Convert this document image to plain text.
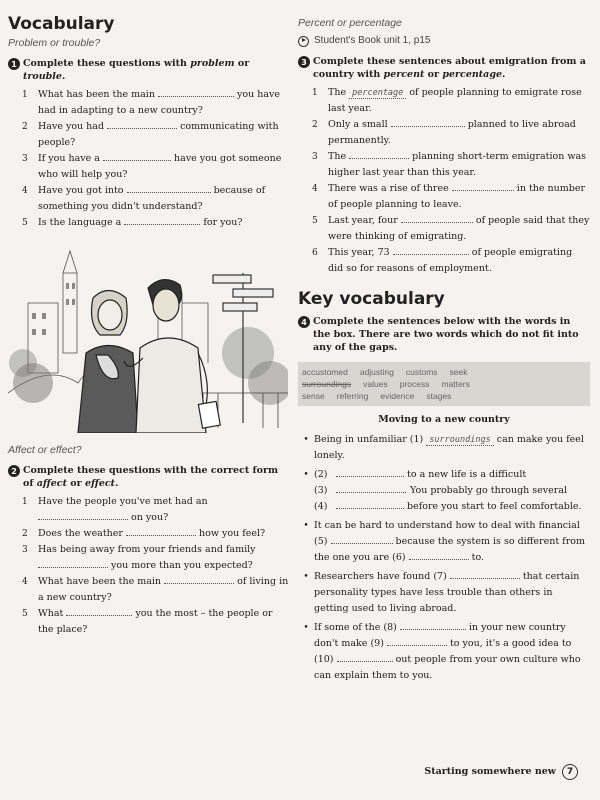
Vocabulary
Problem or trouble?
1 Complete these questions with problem or trouble.
1	What has been the main	you have had in adapting to a new country?
2	Have you had	communicating with people?
3	If you have a	have you got someone who will help you?
4	Have you got into	because of something you didn't understand?
5	Is the language a	for you?
Affect or effect?
2 Complete these questions with the correct form of affect or effect.
1	Have the people you've met had an  on you?
2	Does the weather	how you feel?
3	Has being away from your friends and family  you more than you expected?
4	What have been the main	of living in a new country?
5	What	you the most – the people or the place?
Percent or percentage
Student's Book unit 1, p15
3 Complete these sentences about emigration from a country with percent or percentage.
1	The percentage of people planning to emigrate rose last year.
2	Only a small	planned to live abroad permanently.
3	The	planning short-term emigration was higher last year than this year.
4	There was a rise of three	in the number of people planning to leave.
5	Last year, four	of people said that they were thinking of emigrating.
6	This year, 73	of people emigrating did so for reasons of employment.
Key vocabulary
4 Complete the sentences below with the words in the box. There are two words which do not fit into any of the gaps.
accustomed adjusting customs seek
surroundings values process matters
sense referring evidence stages
Moving to a new country
• Being in unfamiliar (1) surroundings can make you feel lonely.
• (2)
	to a new life is a difficult
(3)	. You probably go through several
(4)
	before you start to feel comfortable.
• It can be hard to understand how to deal with financial (5)	because the system is so different from the one you are (6)	to.
• Researchers have found (7)	that certain personality types have less trouble than others in getting used to living abroad.
• If some of the (8)	in your new country don't make (9)	to you, it's a good idea to (10)	out people from your own culture who can explain them to you.
Starting somewhere new	7
